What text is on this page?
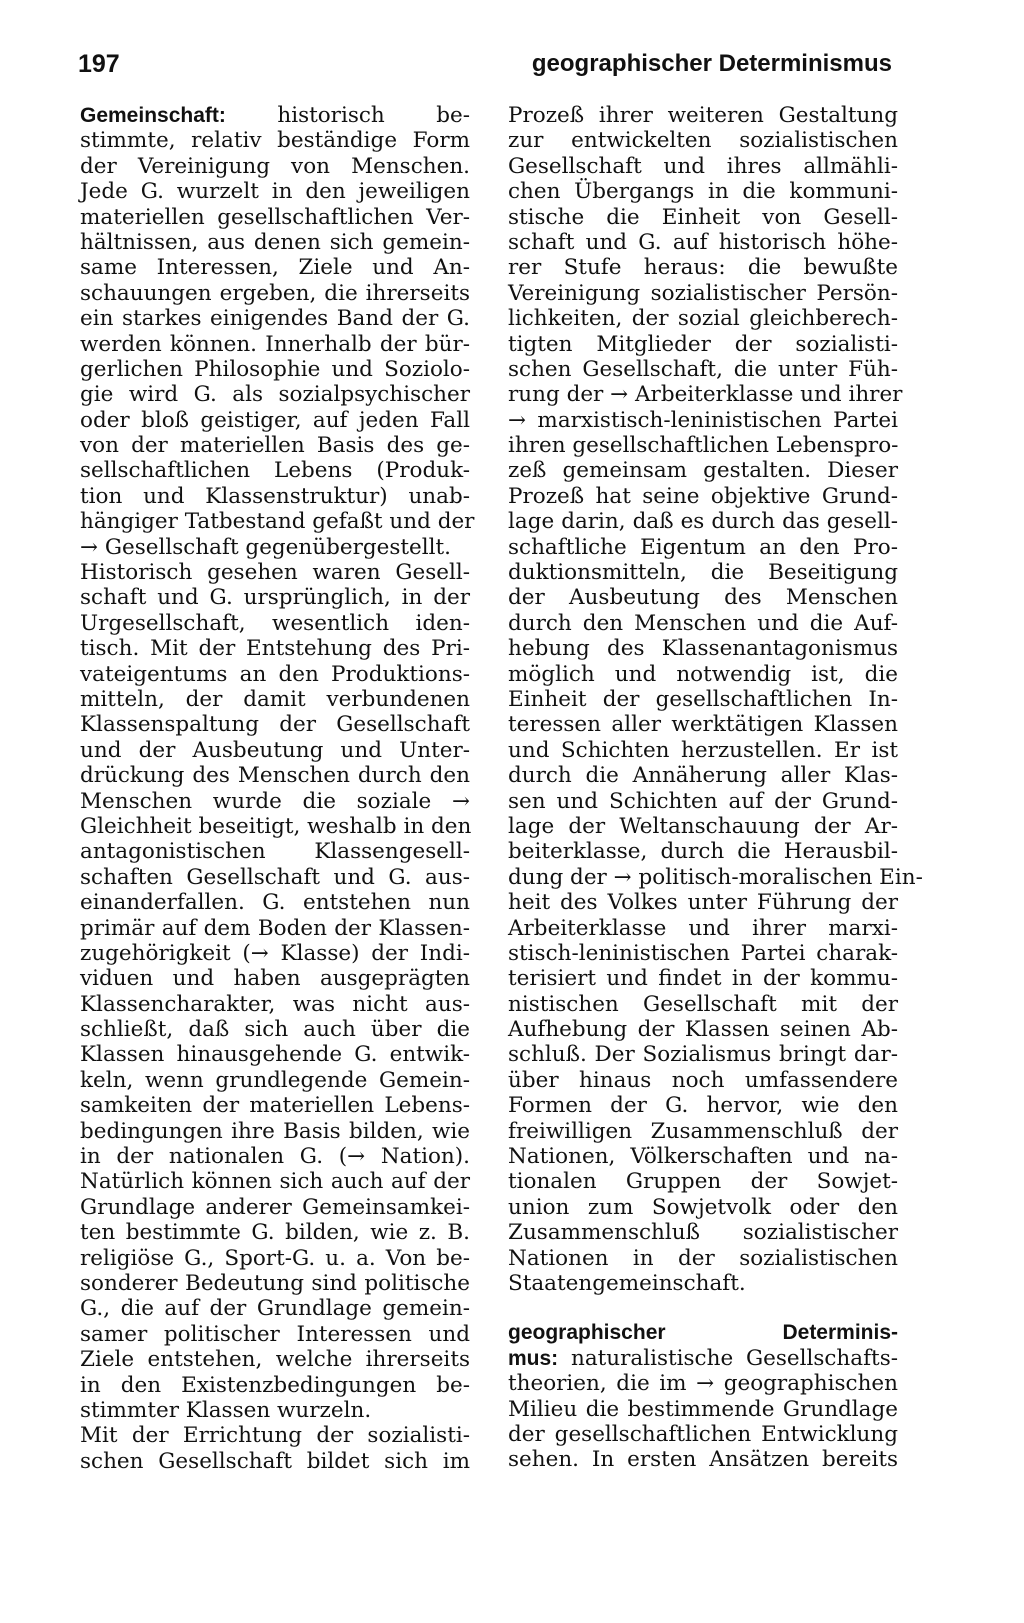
197	geographischer Determinismus
Gemeinschaft: historisch be-
stimmte, relativ beständige Form
der Vereinigung von Menschen.
Jede G. wurzelt in den jeweiligen
materiellen gesellschaftlichen Ver-
hältnissen, aus denen sich gemein-
same Interessen, Ziele und An-
schauungen ergeben, die ihrerseits
ein starkes einigendes Band der G.
werden können. Innerhalb der bür-
gerlichen Philosophie und Soziolo-
gie wird G. als sozialpsychischer
oder bloß geistiger, auf jeden Fall
von der materiellen Basis des ge-
sellschaftlichen Lebens (Produk-
tion und Klassenstruktur) unab-
hängiger Tatbestand gefaßt und der
→ Gesellschaft gegenübergestellt.
Historisch gesehen waren Gesell-
schaft und G. ursprünglich, in der
Urgesellschaft, wesentlich iden-
tisch. Mit der Entstehung des Pri-
vateigentums an den Produktions-
mitteln, der damit verbundenen
Klassenspaltung der Gesellschaft
und der Ausbeutung und Unter-
drückung des Menschen durch den
Menschen wurde die soziale →
Gleichheit beseitigt, weshalb in den
antagonistischen Klassengesell-
schaften Gesellschaft und G. aus-
einanderfallen. G. entstehen nun
primär auf dem Boden der Klassen-
zugehörigkeit (→ Klasse) der Indi-
viduen und haben ausgeprägten
Klassencharakter, was nicht aus-
schließt, daß sich auch über die
Klassen hinausgehende G. entwik-
keln, wenn grundlegende Gemein-
samkeiten der materiellen Lebens-
bedingungen ihre Basis bilden, wie
in der nationalen G. (→ Nation).
Natürlich können sich auch auf der
Grundlage anderer Gemeinsamkei-
ten bestimmte G. bilden, wie z. B.
religiöse G., Sport-G. u. a. Von be-
sonderer Bedeutung sind politische
G., die auf der Grundlage gemein-
samer politischer Interessen und
Ziele entstehen, welche ihrerseits
in den Existenzbedingungen be-
stimmter Klassen wurzeln.
Mit der Errichtung der sozialisti-
schen Gesellschaft bildet sich im
Prozeß ihrer weiteren Gestaltung
zur entwickelten sozialistischen
Gesellschaft und ihres allmähli-
chen Übergangs in die kommuni-
stische die Einheit von Gesell-
schaft und G. auf historisch höhe-
rer Stufe heraus: die bewußte
Vereinigung sozialistischer Persön-
lichkeiten, der sozial gleichberech-
tigten Mitglieder der sozialisti-
schen Gesellschaft, die unter Füh-
rung der → Arbeiterklasse und ihrer
→ marxistisch-leninistischen Partei
ihren gesellschaftlichen Lebenspro-
zeß gemeinsam gestalten. Dieser
Prozeß hat seine objektive Grund-
lage darin, daß es durch das gesell-
schaftliche Eigentum an den Pro-
duktionsmitteln, die Beseitigung
der Ausbeutung des Menschen
durch den Menschen und die Auf-
hebung des Klassenantagonismus
möglich und notwendig ist, die
Einheit der gesellschaftlichen In-
teressen aller werktätigen Klassen
und Schichten herzustellen. Er ist
durch die Annäherung aller Klas-
sen und Schichten auf der Grund-
lage der Weltanschauung der Ar-
beiterklasse, durch die Herausbil-
dung der → politisch-moralischen Ein-
heit des Volkes unter Führung der
Arbeiterklasse und ihrer marxi-
stisch-leninistischen Partei charak-
terisiert und findet in der kommu-
nistischen Gesellschaft mit der
Aufhebung der Klassen seinen Ab-
schluß. Der Sozialismus bringt dar-
über hinaus noch umfassendere
Formen der G. hervor, wie den
freiwilligen Zusammenschluß der
Nationen, Völkerschaften und na-
tionalen Gruppen der Sowjet-
union zum Sowjetvolk oder den
Zusammenschluß sozialistischer
Nationen in der sozialistischen
Staatengemeinschaft.
geographischer Determinis-
mus: naturalistische Gesellschafts-
theorien, die im → geographischen
Milieu die bestimmende Grundlage
der gesellschaftlichen Entwicklung
sehen. In ersten Ansätzen bereits
